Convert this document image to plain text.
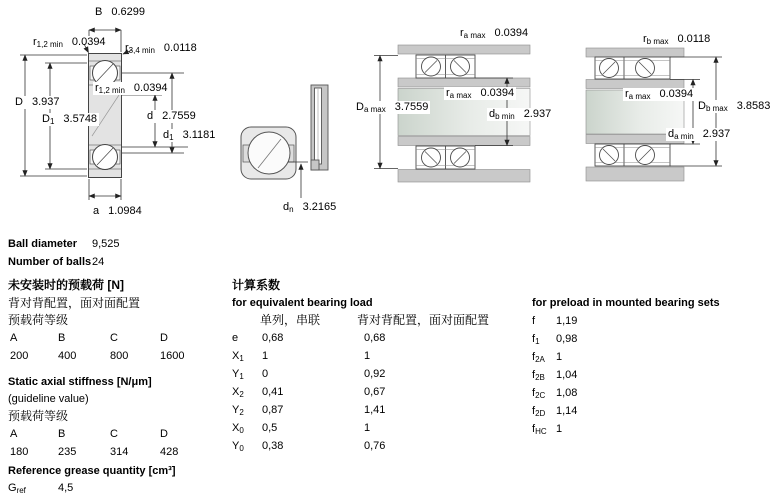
B 0.6299
$r_{1,2 min}$ 0.0394 $r_{3,4 min}$ 0.0118
D 3.937
$D_1$ 3.5748
$r_{1,2 min}$ 0.0394
d 2.7559
$d_1$ 3.1181
a 1.0984	$d_n$ 3.2165
$r_{a max}$ 0.0394
$D_{a max}$ 3.7559
$r_{a max}$ 0.0394
$d_{b min}$ 2.937
$r_{b max}$ 0.0118
$r_{a max}$ 0.0394
$D_{b max}$ 3.8583
$d_{a min}$ 2.937
Ball diameter 9,525
Number of balls 24
未安装时的预载荷 [N]
背对背配置，面对面配置
预载荷等级
A	B	C	D
200	400	800	1600
Static axial stiffness [N/μm]
(guideline value)
预载荷等级
A	B	C	D
180	235	314	428
Reference grease quantity [cm³]
$G_{ref}$	4,5
计算系数
for equivalent bearing load
单列，串联	背对背配置，面对面配置
e 0,68	0,68
$X_1$ 1	1
$Y_1$ 0	0,92
$X_2$ 0,41	0,67
$Y_2$ 0,87	1,41
$X_0$ 0,5	1
$Y_0$ 0,38	0,76
for preload in mounted bearing sets
f 1,19
$f_1$ 0,98
$f_{2A}$ 1
$f_{2B}$ 1,04
$f_{2C}$ 1,08
$f_{2D}$ 1,14
$f_{HC}$ 1
